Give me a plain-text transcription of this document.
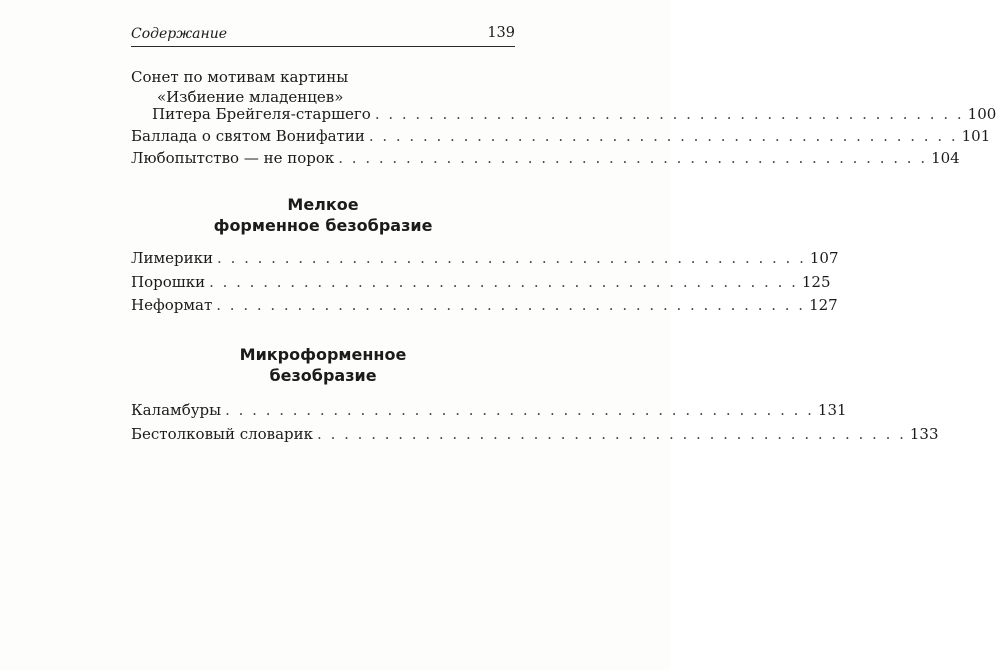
Содержание	139
Сонет по мотивам картины
«Избиение младенцев»
Питера Брейгеля-старшего . . . . . . . . . . . . . . . . . . . . . . . . . . . . . . . . . . . . . . . . . . . . 100
Баллада о святом Вонифатии . . . . . . . . . . . . . . . . . . . . . . . . . . . . . . . . . . . . . . . . . . . . 101
Любопытство — не порок . . . . . . . . . . . . . . . . . . . . . . . . . . . . . . . . . . . . . . . . . . . . 104
Мелкое
форменное безобразие
Лимерики . . . . . . . . . . . . . . . . . . . . . . . . . . . . . . . . . . . . . . . . . . . . 107
Порошки . . . . . . . . . . . . . . . . . . . . . . . . . . . . . . . . . . . . . . . . . . . . 125
Неформат . . . . . . . . . . . . . . . . . . . . . . . . . . . . . . . . . . . . . . . . . . . . 127
Микроформенное
безобразие
Каламбуры . . . . . . . . . . . . . . . . . . . . . . . . . . . . . . . . . . . . . . . . . . . . 131
Бестолковый словарик . . . . . . . . . . . . . . . . . . . . . . . . . . . . . . . . . . . . . . . . . . . . 133
